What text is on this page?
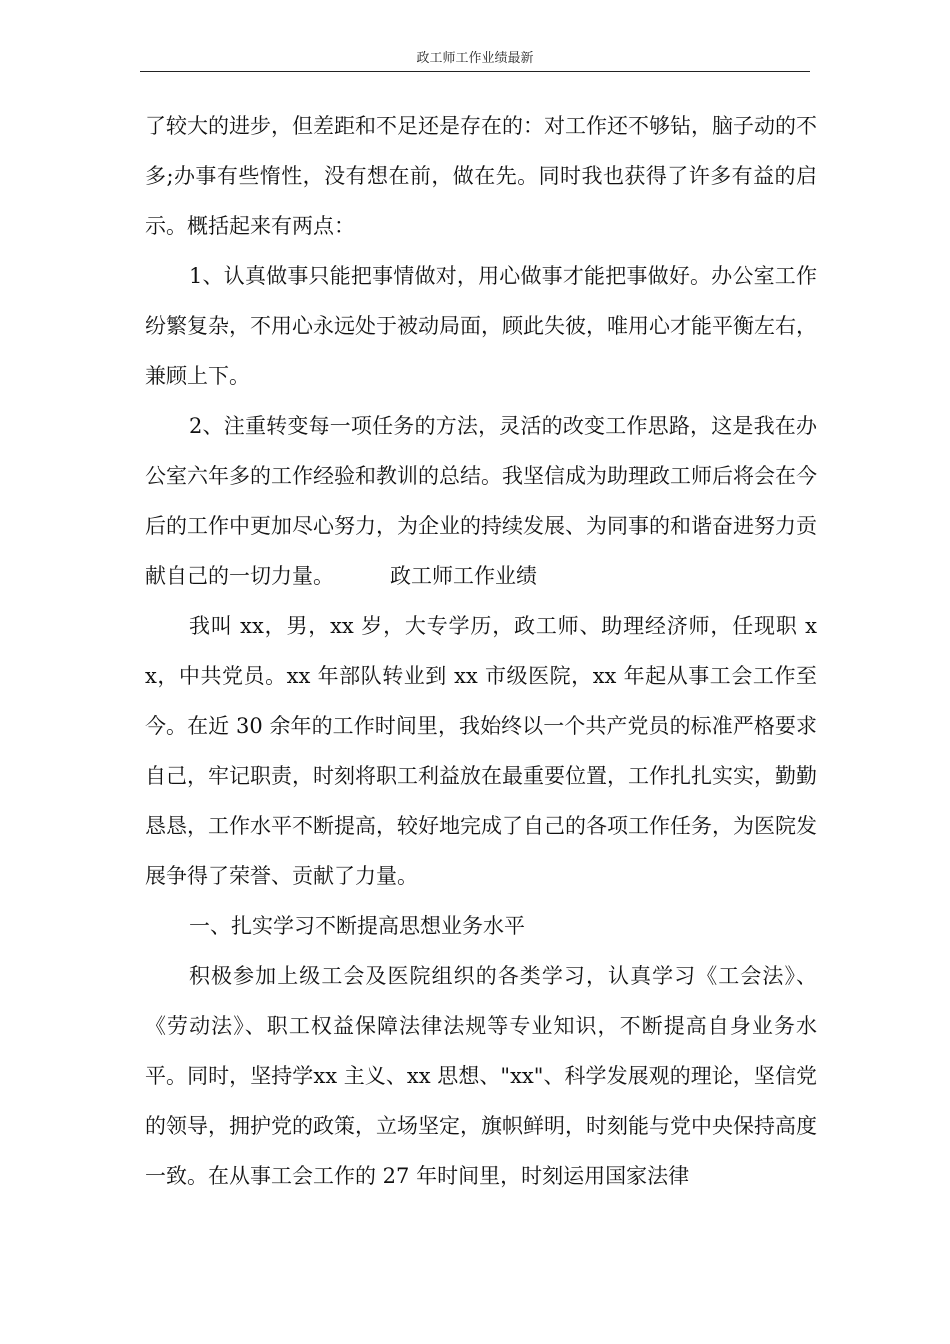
政工师工作业绩最新

了较大的进步，但差距和不足还是存在的：对工作还不够钻，脑子动的不多;办事有些惰性，没有想在前，做在先。同时我也获得了许多有益的启示。概括起来有两点：

1、认真做事只能把事情做对，用心做事才能把事做好。办公室工作纷繁复杂，不用心永远处于被动局面，顾此失彼，唯用心才能平衡左右，兼顾上下。

2、注重转变每一项任务的方法，灵活的改变工作思路，这是我在办公室六年多的工作经验和教训的总结。我坚信成为助理政工师后将会在今后的工作中更加尽心努力，为企业的持续发展、为同事的和谐奋进努力贡献自己的一切力量。	政工师工作业绩

我叫 xx，男，xx 岁，大专学历，政工师、助理经济师，任现职 xx，中共党员。xx 年部队转业到 xx 市级医院，xx 年起从事工会工作至今。在近 30 余年的工作时间里，我始终以一个共产党员的标准严格要求自己，牢记职责，时刻将职工利益放在最重要位置，工作扎扎实实，勤勤恳恳，工作水平不断提高，较好地完成了自己的各项工作任务，为医院发展争得了荣誉、贡献了力量。

一、扎实学习不断提高思想业务水平

积极参加上级工会及医院组织的各类学习，认真学习《工会法》、《劳动法》、职工权益保障法律法规等专业知识，不断提高自身业务水平。同时，坚持学xx 主义、xx 思想、"xx"、科学发展观的理论，坚信党的领导，拥护党的政策，立场坚定，旗帜鲜明，时刻能与党中央保持高度一致。在从事工会工作的 27 年时间里，时刻运用国家法律
